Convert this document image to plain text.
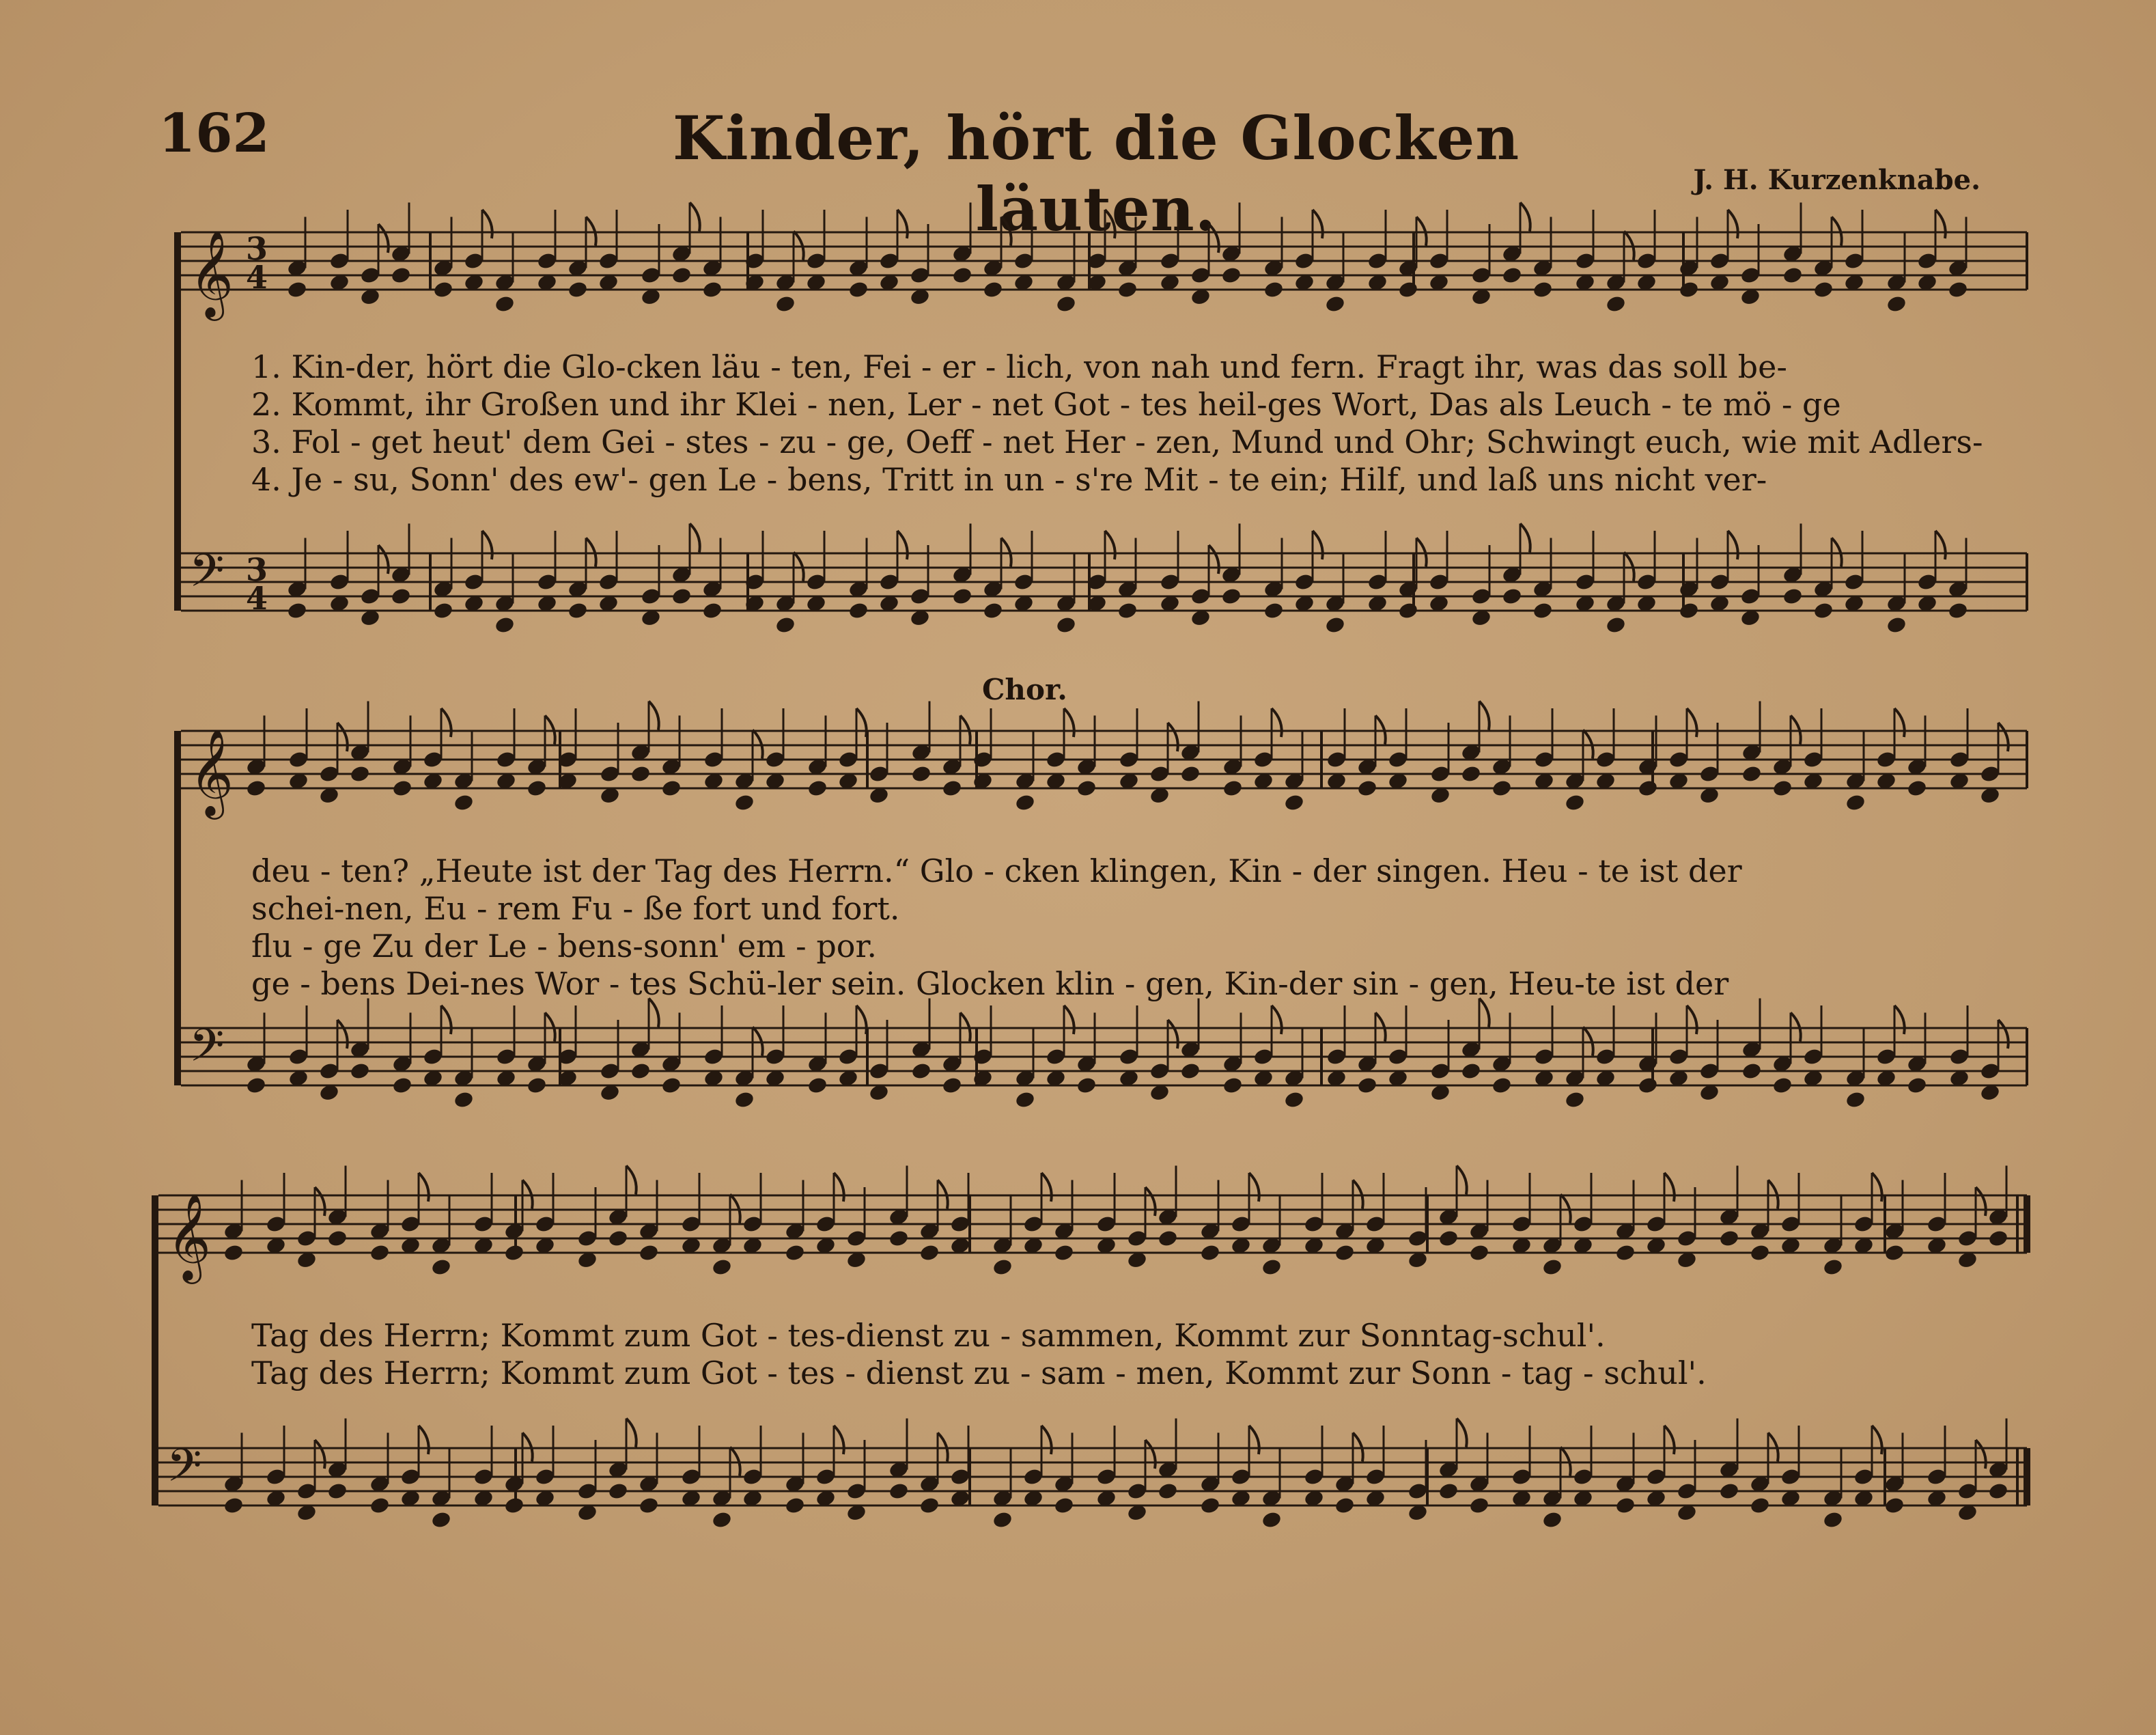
162	Kinder, hört die Glocken läuten.	J. H. Kurzenknabe.
Chor.
𝄞 3
4
𝄢 3
4
𝄞
𝄢
𝄞
𝄢
1. Kin-der, hört die Glo-cken läu - ten, Fei - er - lich, von nah und fern. Fragt ihr, was das soll be-
2. Kommt, ihr Großen und ihr Klei - nen, Ler - net Got - tes heil-ges Wort, Das als Leuch - te mö - ge
3. Fol - get heut' dem Gei - stes - zu - ge, Oeff - net Her - zen, Mund und Ohr; Schwingt euch, wie mit Adlers-
4. Je - su, Sonn' des ew'- gen Le - bens, Tritt in un - s're Mit - te ein; Hilf, und laß uns nicht ver-
deu - ten? „Heute ist der Tag des Herrn.“ Glo - cken klingen, Kin - der singen. Heu - te ist der
schei-nen, Eu - rem Fu - ße fort und fort.
flu - ge Zu der Le - bens-sonn' em - por.
ge - bens Dei-nes Wor - tes Schü-ler sein. Glocken klin - gen, Kin-der sin - gen, Heu-te ist der
Tag des Herrn; Kommt zum Got - tes-dienst zu - sammen, Kommt zur Sonntag-schul'.
Tag des Herrn; Kommt zum Got - tes - dienst zu - sam - men, Kommt zur Sonn - tag - schul'.
